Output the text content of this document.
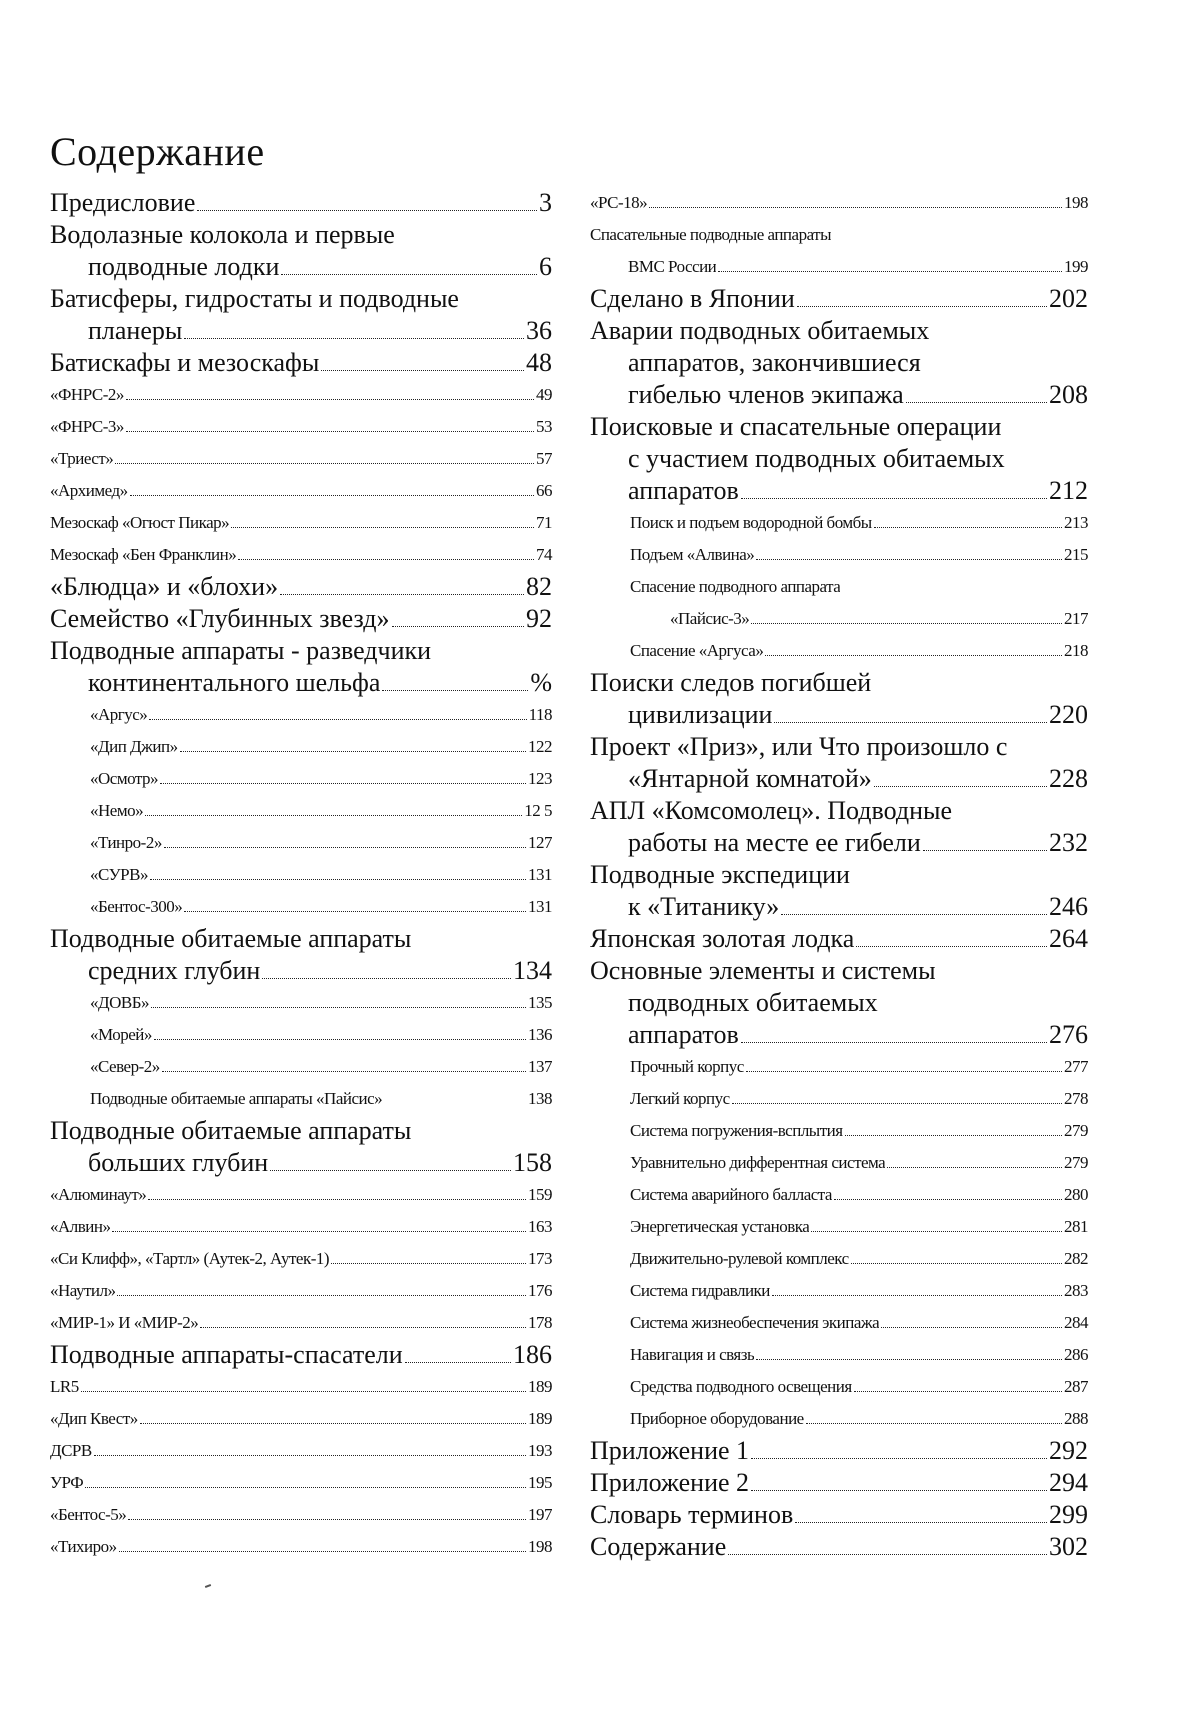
Содержание
Предисловие	3
Водолазные колокола и первые
подводные лодки	6
Батисферы, гидростаты и подводные
планеры	36
Батискафы и мезоскафы	48
«ФНРС-2»	49
«ФНРС-3»	53
«Триест»	57
«Архимед»	66
Мезоскаф «Огюст Пикар»	71
Мезоскаф «Бен Франклин»	74
«Блюдца» и «блохи»	82
Семейство «Глубинных звезд»	92
Подводные аппараты - разведчики
континентального шельфа	%
«Аргус»	118
«Дип Джип»	122
«Осмотр»	123
«Немо»	12 5
«Тинро-2»	127
«СУРВ»	131
«Бентос-300»	131
Подводные обитаемые аппараты
средних глубин	134
«ДОВБ»	135
«Морей»	136
«Север-2»	137
Подводные обитаемые аппараты «Пайсис»	138
Подводные обитаемые аппараты
больших глубин	158
«Алюминаут»	159
«Алвин»	163
«Си Клифф», «Тартл» (Аутек-2, Аутек-1)	173
«Наутил»	176
«МИР-1» И «МИР-2»	178
Подводные аппараты-спасатели	186
LR5	189
«Дип Квест»	189
ДСРВ	193
УРФ	195
«Бентос-5»	197
«Тихиро»	198
«РС-18»	198
Спасательные подводные аппараты
ВМС России	199
Сделано в Японии	202
Аварии подводных обитаемых
аппаратов, закончившиеся
гибелью членов экипажа	208
Поисковые и спасательные операции
с участием подводных обитаемых
аппаратов	212
Поиск и подъем водородной бомбы	213
Подъем «Алвина»	215
Спасение подводного аппарата
«Пайсис-3»	217
Спасение «Аргуса»	218
Поиски следов погибшей
цивилизации	220
Проект «Приз», или Что произошло с
«Янтарной комнатой»	228
АПЛ «Комсомолец». Подводные
работы на месте ее гибели	232
Подводные экспедиции
к «Титанику»	246
Японская золотая лодка	264
Основные элементы и системы
подводных обитаемых
аппаратов	276
Прочный корпус	277
Легкий корпус	278
Система погружения-всплытия	279
Уравнительно дифферентная система	279
Система аварийного балласта	280
Энергетическая установка	281
Движительно-рулевой комплекс	282
Система гидравлики	283
Система жизнеобеспечения экипажа	284
Навигация и связь	286
Средства подводного освещения	287
Приборное оборудование	288
Приложение 1	292
Приложение 2	294
Словарь терминов	299
Содержание	302
